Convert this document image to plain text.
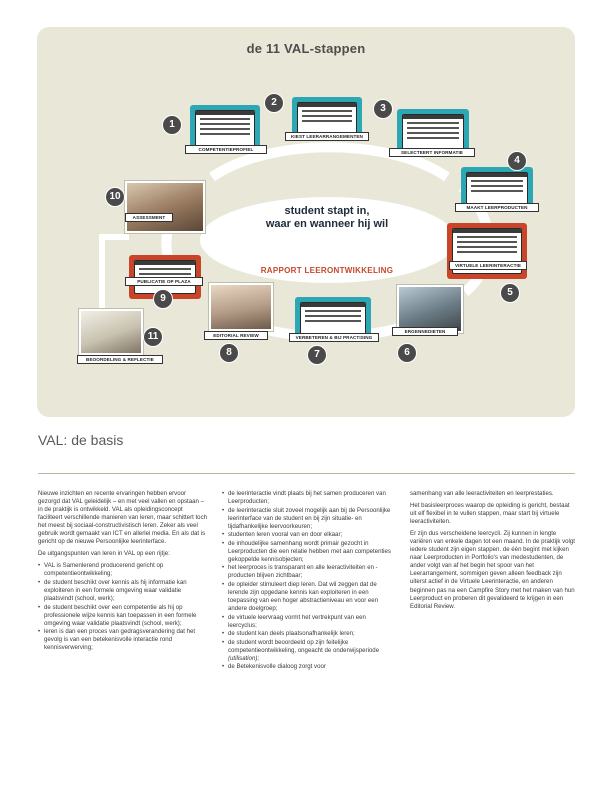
de 11 VAL-stappen
student stapt in,
waar en wanneer hij wil
RAPPORT LEERONTWIKKELING
COMPETENTIEPROFIEL
1
KIEST LEERARRANGEMENTEN
2
SELECTEERT INFORMATIE
3
MAAKT LEERPRODUCTEN
4
VIRTUELE LEERINTERACTIE
5
ERGENNEDIETEN
6
VERBETEREN & BIJ PRACTISING
7
EDITORIAL REVIEW
8
PUBLICATIE OP PLAZA
9
ASSESSMENT
10
BEOORDELING & REFLECTIE
11
VAL: de basis

Nieuwe inzichten en recente ervaringen hebben ervoor gezorgd dat VAL geleidelijk – en met veel vallen en opstaan – in de praktijk is ontwikkeld. VAL als opleidingsconcept faciliteert verschillende manieren van leren, maar schittert toch het meest bij sociaal-constructivistisch leren. Zeker als veel gebruik wordt gemaakt van ICT en allerlei media. En als dat is gericht op de nieuwe Persoonlijke leerinterface.

De uitgangspunten van leren in VAL op een rijtje:

• VAL is Samenlerend producerend gericht op competentieontwikkeling;
• de student beschikt over kennis als hij informatie kan exploiteren in een formele omgeving waar validatie plaatsvindt (school, werk);
• de student beschikt over een competentie als hij op professionele wijze kennis kan toepassen in een formele omgeving waar validatie plaatsvindt (school, werk);
• leren is dan een proces van gedragsverandering dat het gevolg is van een betekenisvolle interactie rond kennisverwerving;
• de leerinteractie vindt plaats bij het samen produceren van Leerproducten;
• de leerinteractie sluit zoveel mogelijk aan bij de Persoonlijke leerinterface van de student en bij zijn situatie- en tijdafhankelijke leervoorkeuren;
• studenten leren vooral van en door elkaar;
• de inhoudelijke samenhang wordt primair gezocht in Leerproducten die een relatie hebben met aan competenties gekoppelde kennisobjecten;
• het leerproces is transparant en alle leeractiviteiten en -producten blijven zichtbaar;
• de opleider stimuleert diep leren. Dat wil zeggen dat de lerende zijn opgedane kennis kan exploiteren in een toepassing van een hoger abstractieniveau en voor een andere doelgroep;
• de virtuele leervraag vormt het vertrekpunt van een leercyclus;
• de student kan deels plaatsonafhankelijk leren;
• de student wordt beoordeeld op zijn feitelijke competentieontwikkeling, ongeacht de onderwijsperiode (utilisation);
• de Betekenisvolle dialoog zorgt voor

samenhang van alle leeractiviteiten en leerprestaties.

Het basisleerproces waarop de opleiding is gericht, bestaat uit elf flexibel in te vullen stappen, maar start bij virtuele leeractiviteiten.

Er zijn dus verscheidene leercycli. Zij kunnen in lengte variëren van enkele dagen tot een maand. In de praktijk volgt iedere student zijn eigen stappen. de één begint met kijken naar Leerproducten in Portfolio's van medestudenten, de ander volgt van af het begin het spoor van het Leerarrangement, sommigen geven alleen feedback zijn uiterst actief in de Virtuele Leerinteractie, en anderen beginnen pas na een Campfire Story met het maken van hun Leerproduct en proberen dit gevalideerd te krijgen in een Editorial Review.
